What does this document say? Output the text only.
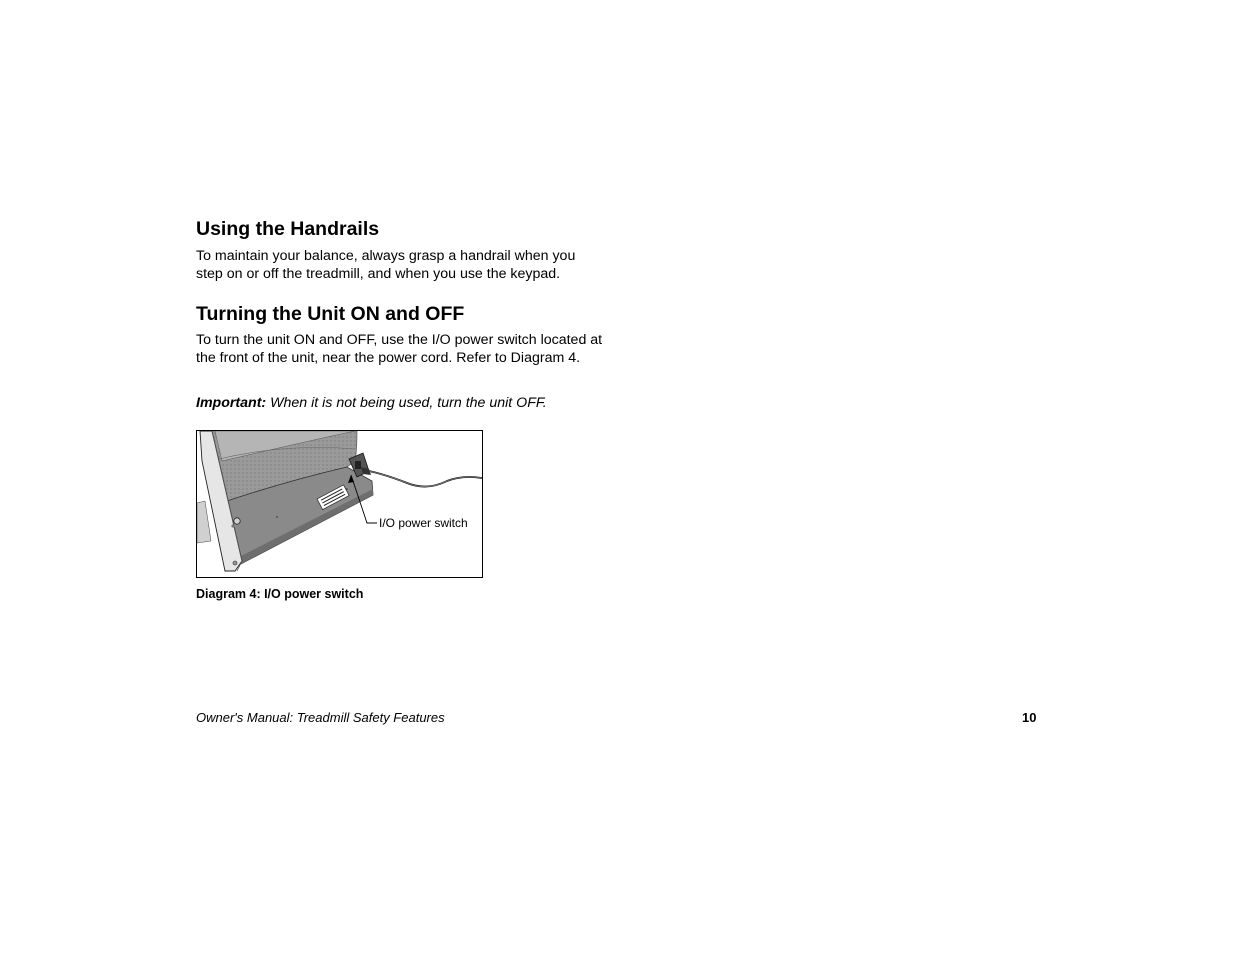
Using the Handrails

To maintain your balance, always grasp a handrail when you step on or off the treadmill, and when you use the keypad.

Turning the Unit ON and OFF

To turn the unit ON and OFF, use the I/O power switch located at the front of the unit, near the power cord. Refer to Diagram 4.

Important: When it is not being used, turn the unit OFF.

I/O power switch
Diagram 4: I/O power switch
Owner's Manual: Treadmill Safety Features	10
